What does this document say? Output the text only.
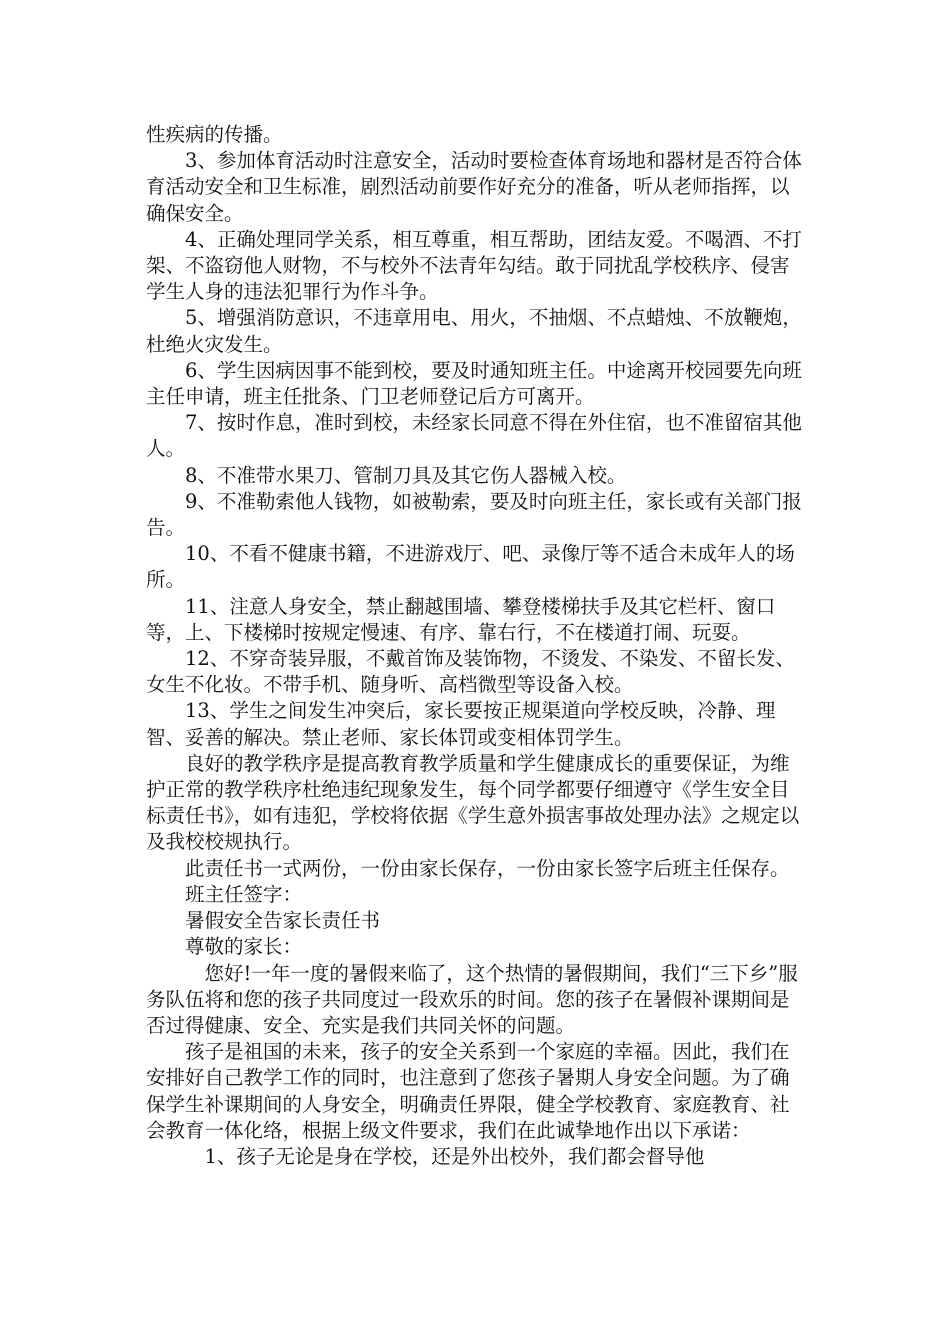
性疾病的传播。

3、参加体育活动时注意安全，活动时要检查体育场地和器材是否符合体育活动安全和卫生标准，剧烈活动前要作好充分的准备，听从老师指挥，以确保安全。

4、正确处理同学关系，相互尊重，相互帮助，团结友爱。不喝酒、不打架、不盗窃他人财物，不与校外不法青年勾结。敢于同扰乱学校秩序、侵害学生人身的违法犯罪行为作斗争。

5、增强消防意识，不违章用电、用火，不抽烟、不点蜡烛、不放鞭炮，杜绝火灾发生。

6、学生因病因事不能到校，要及时通知班主任。中途离开校园要先向班主任申请，班主任批条、门卫老师登记后方可离开。

7、按时作息，准时到校，未经家长同意不得在外住宿，也不准留宿其他人。

8、不准带水果刀、管制刀具及其它伤人器械入校。

9、不准勒索他人钱物，如被勒索，要及时向班主任，家长或有关部门报告。

10、不看不健康书籍，不进游戏厅、吧、录像厅等不适合未成年人的场所。

11、注意人身安全，禁止翻越围墙、攀登楼梯扶手及其它栏杆、窗口等，上、下楼梯时按规定慢速、有序、靠右行，不在楼道打闹、玩耍。

12、不穿奇装异服，不戴首饰及装饰物，不烫发、不染发、不留长发、女生不化妆。不带手机、随身听、高档微型等设备入校。

13、学生之间发生冲突后，家长要按正规渠道向学校反映，冷静、理智、妥善的解决。禁止老师、家长体罚或变相体罚学生。

良好的教学秩序是提高教育教学质量和学生健康成长的重要保证，为维护正常的教学秩序杜绝违纪现象发生，每个同学都要仔细遵守《学生安全目标责任书》，如有违犯，学校将依据《学生意外损害事故处理办法》之规定以及我校校规执行。

此责任书一式两份，一份由家长保存，一份由家长签字后班主任保存。

班主任签字：

暑假安全告家长责任书

尊敬的家长：

您好!一年一度的暑假来临了，这个热情的暑假期间，我们“三下乡”服务队伍将和您的孩子共同度过一段欢乐的时间。您的孩子在暑假补课期间是否过得健康、安全、充实是我们共同关怀的问题。

孩子是祖国的未来，孩子的安全关系到一个家庭的幸福。因此，我们在安排好自己教学工作的同时，也注意到了您孩子暑期人身安全问题。为了确保学生补课期间的人身安全，明确责任界限，健全学校教育、家庭教育、社会教育一体化络，根据上级文件要求，我们在此诚挚地作出以下承诺：

1、孩子无论是身在学校，还是外出校外，我们都会督导他
